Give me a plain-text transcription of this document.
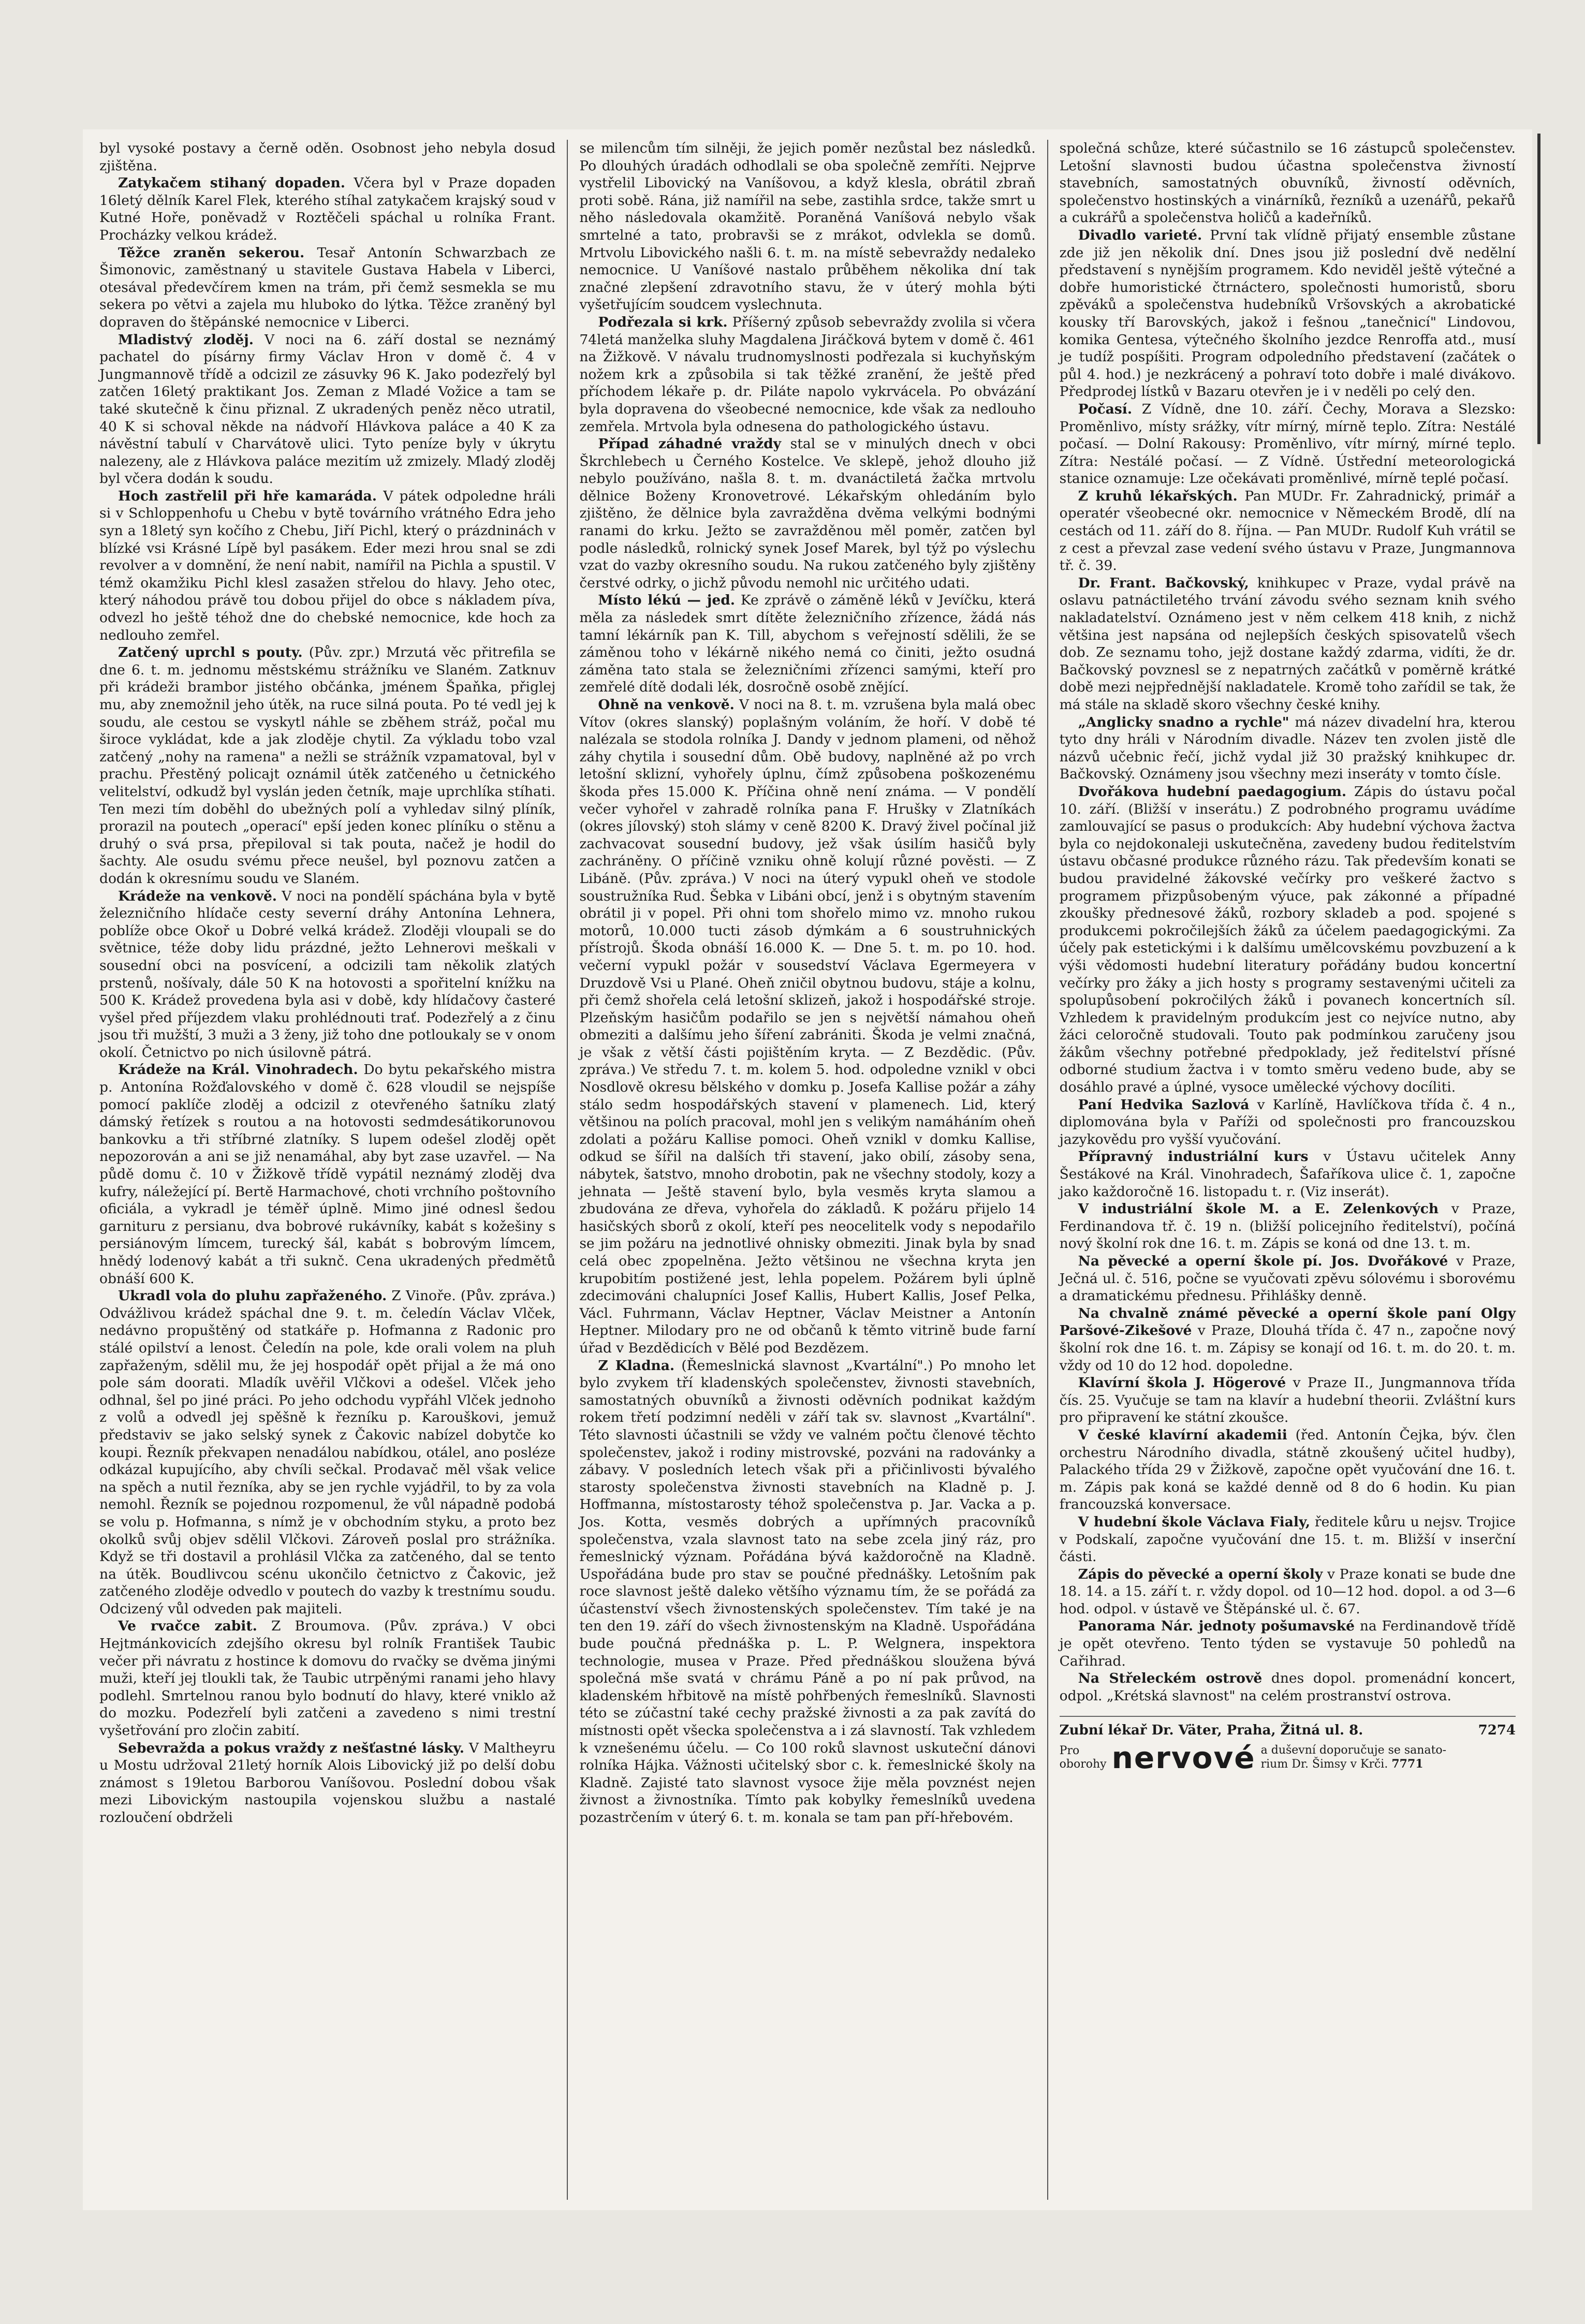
byl vysoké postavy a černě oděn. Osobnost jeho nebyla dosud zjištěna.

Zatykačem stihaný dopaden. Včera byl v Praze dopaden 16letý dělník Karel Flek, kterého stíhal zatykačem krajský soud v Kutné Hoře, poněvadž v Roztěčeli spáchal u rolníka Frant. Procházky velkou krádež.

Těžce zraněn sekerou. Tesař Antonín Schwarzbach ze Šimonovic, zaměstnaný u stavitele Gustava Habela v Liberci, otesával předevčírem kmen na trám, při čemž sesmekla se mu sekera po větvi a zajela mu hluboko do lýtka. Těžce zraněný byl dopraven do štěpánské nemocnice v Liberci.

Mladistvý zloděj. V noci na 6. září dostal se neznámý pachatel do písárny firmy Václav Hron v domě č. 4 v Jungmannově třídě a odcizil ze zásuvky 96 K. Jako podezřelý byl zatčen 16letý praktikant Jos. Zeman z Mladé Vožice a tam se také skutečně k činu přiznal. Z ukradených peněz něco utratil, 40 K si schoval někde na nádvoří Hlávkova paláce a 40 K za návěstní tabulí v Charvátově ulici. Tyto peníze byly v úkrytu nalezeny, ale z Hlávkova paláce mezitím už zmizely. Mladý zloděj byl včera dodán k soudu.

Hoch zastřelil při hře kamaráda. V pátek odpoledne hráli si v Schloppenhofu u Chebu v bytě továrního vrátného Edra jeho syn a 18letý syn kočího z Chebu, Jiří Pichl, který o prázdninách v blízké vsi Krásné Lípě byl pasákem. Eder mezi hrou snal se zdi revolver a v domnění, že není nabit, namířil na Pichla a spustil. V témž okamžiku Pichl klesl zasažen střelou do hlavy. Jeho otec, který náhodou právě tou dobou přijel do obce s nákladem píva, odvezl ho ještě téhož dne do chebské nemocnice, kde hoch za nedlouho zemřel.

Zatčený uprchl s pouty. (Pův. zpr.) Mrzutá věc přitrefila se dne 6. t. m. jednomu městskému strážníku ve Slaném. Zatknuv při krádeži brambor jistého občánka, jménem Špaňka, přiglej mu, aby znemožnil jeho útěk, na ruce silná pouta. Po té vedl jej k soudu, ale cestou se vyskytl náhle se zběhem stráž, počal mu široce vykládat, kde a jak zloděje chytil. Za výkladu tobo vzal zatčený „nohy na ramena" a nežli se strážník vzpamatoval, byl v prachu. Přestěný policajt oznámil útěk zatčeného u četnického velitelství, odkudž byl vyslán jeden četník, maje uprchlíka stíhati. Ten mezi tím doběhl do ubežných polí a vyhledav silný plíník, prorazil na poutech „operací" epší jeden konec plíníku o stěnu a druhý o svá prsa, přepiloval si tak pouta, načež je hodil do šachty. Ale osudu svému přece neušel, byl poznovu zatčen a dodán k okresnímu soudu ve Slaném.

Krádeže na venkově. V noci na pondělí spáchána byla v bytě železničního hlídače cesty severní dráhy Antonína Lehnera, poblíže obce Okoř u Dobré velká krádež. Zloději vloupali se do světnice, téže doby lidu prázdné, ježto Lehnerovi meškali v sousední obci na posvícení, a odcizili tam několik zlatých prstenů, nošívaly, dále 50 K na hotovosti a spořitelní knížku na 500 K. Krádež provedena byla asi v době, kdy hlídačovy časteré vyšel před příjezdem vlaku prohlédnouti trať. Podezřelý a z činu jsou tři mužští, 3 muži a 3 ženy, již toho dne potloukaly se v onom okolí. Četnictvo po nich úsilovně pátrá.

Krádeže na Král. Vinohradech. Do bytu pekařského mistra p. Antonína Rožďalovského v domě č. 628 vloudil se nejspíše pomocí paklíče zloděj a odcizil z otevřeného šatníku zlatý dámský řetízek s routou a na hotovosti sedmdesátikorunovou bankovku a tři stříbrné zlatníky. S lupem odešel zloděj opět nepozorován a ani se již nenamáhal, aby byt zase uzavřel. — Na půdě domu č. 10 v Žižkově třídě vypátil neznámý zloděj dva kufry, náležející pí. Bertě Harmachové, choti vrchního poštovního oficiála, a vykradl je téměř úplně. Mimo jiné odnesl šedou garnituru z persianu, dva bobrové rukávníky, kabát s kožešiny s persiánovým límcem, turecký šál, kabát s bobrovým límcem, hnědý lodenový kabát a tři suknč. Cena ukradených předmětů obnáší 600 K.

Ukradl vola do pluhu zapřaženého. Z Vinoře. (Pův. zpráva.) Odvážlivou krádež spáchal dne 9. t. m. čeledín Václav Vlček, nedávno propuštěný od statkáře p. Hofmanna z Radonic pro stálé opilství a lenost. Čeledín na pole, kde orali volem na pluh zapřaženým, sdělil mu, že jej hospodář opět přijal a že má ono pole sám doorati. Mladík uvěřil Vlčkovi a odešel. Vlček jeho odhnal, šel po jiné práci. Po jeho odchodu vypřáhl Vlček jednoho z volů a odvedl jej spěšně k řezníku p. Karouškovi, jemuž představiv se jako selský synek z Čakovic nabízel dobytče ko koupi. Řezník překvapen nenadálou nabídkou, otálel, ano posléze odkázal kupujícího, aby chvíli sečkal. Prodavač měl však velice na spěch a nutil řezníka, aby se jen rychle vyjádřil, to by za vola nemohl. Řezník se pojednou rozpomenul, že vůl nápadně podobá se volu p. Hofmanna, s nímž je v obchodním styku, a proto bez okolků svůj objev sdělil Vlčkovi. Zároveň poslal pro strážníka. Když se tři dostavil a prohlásil Vlčka za zatčeného, dal se tento na útěk. Boudlivcou scénu ukončilo četnictvo z Čakovic, jež zatčeného zloděje odvedlo v poutech do vazby k trestnímu soudu. Odcizený vůl odveden pak majiteli.

Ve rvačce zabit. Z Broumova. (Pův. zpráva.) V obci Hejtmánkovicích zdejšího okresu byl rolník František Taubic večer při návratu z hostince k domovu do rvačky se dvěma jinými muži, kteří jej tloukli tak, že Taubic utrpěnými ranami jeho hlavy podlehl. Smrtelnou ranou bylo bodnutí do hlavy, které vniklo až do mozku. Podezřelí byli zatčeni a zavedeno s nimi trestní vyšetřování pro zločin zabití.

Sebevražda a pokus vraždy z nešťastné lásky. V Maltheyru u Mostu udržoval 21letý horník Alois Libovický již po delší dobu známost s 19letou Barborou Vaníšovou. Poslední dobou však mezi Libovickým nastoupila vojenskou službu a nastalé rozloučení obdrželi

se milencům tím silněji, že jejich poměr nezůstal bez následků. Po dlouhých úradách odhodlali se oba společně zemříti. Nejprve vystřelil Libovický na Vaníšovou, a když klesla, obrátil zbraň proti sobě. Rána, již namířil na sebe, zastihla srdce, takže smrt u něho následovala okamžitě. Poraněná Vaníšová nebylo však smrtelné a tato, probravši se z mrákot, odvlekla se domů. Mrtvolu Libovického našli 6. t. m. na místě sebevraždy nedaleko nemocnice. U Vaníšové nastalo průběhem několika dní tak značné zlepšení zdravotního stavu, že v úterý mohla býti vyšetřujícím soudcem vyslechnuta.

Podřezala si krk. Příšerný způsob sebevraždy zvolila si včera 74letá manželka sluhy Magdalena Jiráčková bytem v domě č. 461 na Žižkově. V návalu trudnomyslnosti podřezala si kuchyňským nožem krk a způsobila si tak těžké zranění, že ještě před příchodem lékaře p. dr. Piláte napolo vykrvácela. Po obvázání byla dopravena do všeobecné nemocnice, kde však za nedlouho zemřela. Mrtvola byla odnesena do pathologického ústavu.

Případ záhadné vraždy stal se v minulých dnech v obci Škrchlebech u Černého Kostelce. Ve sklepě, jehož dlouho již nebylo používáno, našla 8. t. m. dvanáctiletá žačka mrtvolu dělnice Boženy Kronovetrové. Lékařským ohledáním bylo zjištěno, že dělnice byla zavražděna dvěma velkými bodnými ranami do krku. Ježto se zavražděnou měl poměr, zatčen byl podle následků, rolnický synek Josef Marek, byl týž po výslechu vzat do vazby okresního soudu. Na rukou zatčeného byly zjištěny čerstvé odrky, o jichž původu nemohl nic určitého udati.

Místo lékú — jed. Ke zprávě o záměně léků v Jevíčku, která měla za následek smrt dítěte železničního zřízence, žádá nás tamní lékárník pan K. Till, abychom s veřejností sdělili, že se záměnou toho v lékárně nikého nemá co činiti, ježto osudná záměna tato stala se železničními zřízenci samými, kteří pro zemřelé dítě dodali lék, dosročně osobě znějící.

Ohně na venkově. V noci na 8. t. m. vzrušena byla malá obec Vítov (okres slanský) poplašným voláním, že hoří. V době té nalézala se stodola rolníka J. Dandy v jednom plameni, od něhož záhy chytila i sousední dům. Obě budovy, naplněné až po vrch letošní sklizní, vyhořely úplnu, čímž způsobena poškozenému škoda přes 15.000 K. Příčina ohně není známa. — V pondělí večer vyhořel v zahradě rolníka pana F. Hrušky v Zlatníkách (okres jílovský) stoh slámy v ceně 8200 K. Dravý živel počínal již zachvacovat sousední budovy, jež však úsilím hasičů byly zachráněny. O příčině vzniku ohně kolují různé pověsti. — Z Libáně. (Pův. zpráva.) V noci na úterý vypukl oheň ve stodole soustružníka Rud. Šebka v Libáni obcí, jenž i s obytným stavením obrátil ji v popel. Při ohni tom shořelo mimo vz. mnoho rukou motorů, 10.000 tucti zásob dýmkám a 6 soustruhnických přístrojů. Škoda obnáší 16.000 K. — Dne 5. t. m. po 10. hod. večerní vypukl požár v sousedství Václava Egermeyera v Druzdově Vsi u Plané. Oheň zničil obytnou budovu, stáje a kolnu, při čemž shořela celá letošní sklizeň, jakož i hospodářské stroje. Plzeňským hasičům podařilo se jen s největší námahou oheň obmeziti a dalšímu jeho šíření zabrániti. Škoda je velmi značná, je však z větší části pojištěním kryta. — Z Bezdědic. (Pův. zpráva.) Ve středu 7. t. m. kolem 5. hod. odpoledne vznikl v obci Nosdlově okresu bělského v domku p. Josefa Kallise požár a záhy stálo sedm hospodářských stavení v plamenech. Lid, který většinou na polích pracoval, mohl jen s velikým namáháním oheň zdolati a požáru Kallise pomoci. Oheň vznikl v domku Kallise, odkud se šířil na dalších tři stavení, jako obilí, zásoby sena, nábytek, šatstvo, mnoho drobotin, pak ne všechny stodoly, kozy a jehnata — Ještě stavení bylo, byla vesměs kryta slamou a zbudována ze dřeva, vyhořela do základů. K požáru přijelo 14 hasičských sborů z okolí, kteří pes neocelitelk vody s nepodařilo se jim požáru na jednotlivé ohnisky obmeziti. Jinak byla by snad celá obec zpopelněna. Ježto většinou ne všechna kryta jen krupobitím postižené jest, lehla popelem. Požárem byli úplně zdecimováni chalupníci Josef Kallis, Hubert Kallis, Josef Pelka, Václ. Fuhrmann, Václav Heptner, Václav Meistner a Antonín Heptner. Milodary pro ne od občanů k těmto vitrině bude farní úřad v Bezdědicích v Bělé pod Bezdězem.

Z Kladna. (Řemeslnická slavnost „Kvartální".) Po mnoho let bylo zvykem tří kladenských společenstev, živnosti stavebních, samostatných obuvníků a živnosti oděvních podnikat každým rokem třetí podzimní neděli v září tak sv. slavnost „Kvartální". Této slavnosti účastnili se vždy ve valném počtu členové těchto společenstev, jakož i rodiny mistrovské, pozváni na radovánky a zábavy. V posledních letech však při a přičinlivosti bývalého starosty společenstva živnosti stavebních na Kladně p. J. Hoffmanna, místostarosty téhož společenstva p. Jar. Vacka a p. Jos. Kotta, vesměs dobrých a upřímných pracovníků společenstva, vzala slavnost tato na sebe zcela jiný ráz, pro řemeslnický význam. Pořádána bývá každoročně na Kladně. Uspořádána bude pro stav se poučné přednášky. Letošním pak roce slavnost ještě daleko většího významu tím, že se pořádá za účastenství všech živnostenských společenstev. Tím také je na ten den 19. září do všech živnostenským na Kladně. Uspořádána bude poučná přednáška p. L. P. Welgnera, inspektora technologie, musea v Praze. Před přednáškou sloužena bývá společná mše svatá v chrámu Páně a po ní pak průvod, na kladenském hřbitově na místě pohřbených řemeslníků. Slavnosti této se zúčastní také cechy pražské živnosti a za pak zavítá do místnosti opět všecka společenstva a i zá slavností. Tak vzhledem k vznešenému účelu. — Co 100 roků slavnost uskuteční dánovi rolníka Hájka. Vážnosti učitelský sbor c. k. řemeslnické školy na Kladně. Zajisté tato slavnost vysoce žije měla povznést nejen živnost a živnostníka. Tímto pak kobylky řemeslníků uvedena pozastrčením v úterý 6. t. m. konala se tam pan pří-hřebovém.

společná schůze, které súčastnilo se 16 zástupců společenstev. Letošní slavnosti budou účastna společenstva živností stavebních, samostatných obuvníků, živností oděvních, společenstvo hostinských a vinárníků, řezníků a uzenářů, pekařů a cukrářů a společenstva holičů a kadeřníků.

Divadlo varieté. První tak vlídně přijatý ensemble zůstane zde již jen několik dní. Dnes jsou již poslední dvě nedělní představení s nynějším programem. Kdo neviděl ještě výtečné a dobře humoristické čtrnáctero, společnosti humoristů, sboru zpěváků a společenstva hudebníků Vršovských a akrobatické kousky tří Barovských, jakož i fešnou „tanečnicí" Lindovou, komika Gentesa, výtečného školního jezdce Renroffa atd., musí je tudíž pospíšiti. Program odpoledního představení (začátek o půl 4. hod.) je nezkrácený a pohraví toto dobře i malé divákovo. Předprodej lístků v Bazaru otevřen je i v neděli po celý den.

Počasí. Z Vídně, dne 10. září. Čechy, Morava a Slezsko: Proměnlivo, místy srážky, vítr mírný, mírně teplo. Zítra: Nestálé počasí. — Dolní Rakousy: Proměnlivo, vítr mírný, mírné teplo. Zítra: Nestálé počasí. — Z Vídně. Ústřední meteorologická stanice oznamuje: Lze očekávati proměnlivé, mírně teplé počasí.

Z kruhů lékařských. Pan MUDr. Fr. Zahradnický, primář a operatér všeobecné okr. nemocnice v Německém Brodě, dlí na cestách od 11. září do 8. října. — Pan MUDr. Rudolf Kuh vrátil se z cest a převzal zase vedení svého ústavu v Praze, Jungmannova tř. č. 39.

Dr. Frant. Bačkovský, knihkupec v Praze, vydal právě na oslavu patnáctiletého trvání závodu svého seznam knih svého nakladatelství. Oznámeno jest v něm celkem 418 knih, z nichž většina jest napsána od nejlepších českých spisovatelů všech dob. Ze seznamu toho, jejž dostane každý zdarma, vidíti, že dr. Bačkovský povznesl se z nepatrných začátků v poměrně krátké době mezi nejpřednější nakladatele. Kromě toho zařídil se tak, že má stále na skladě skoro všechny české knihy.

„Anglicky snadno a rychle" má název divadelní hra, kterou tyto dny hráli v Národním divadle. Název ten zvolen jistě dle názvů učebnic řečí, jichž vydal již 30 pražský knihkupec dr. Bačkovský. Oznámeny jsou všechny mezi inseráty v tomto čísle.

Dvořákova hudební paedagogium. Zápis do ústavu počal 10. září. (Bližší v inserátu.) Z podrobného programu uvádíme zamlouvající se pasus o produkcích: Aby hudební výchova žactva byla co nejdokonaleji uskutečněna, zavedeny budou ředitelstvím ústavu občasné produkce různého rázu. Tak především konati se budou pravidelné žákovské večírky pro veškeré žactvo s programem přizpůsobeným výuce, pak zákonné a případné zkoušky přednesové žáků, rozbory skladeb a pod. spojené s produkcemi pokročilejších žáků za účelem paedagogickými. Za účely pak estetickými i k dalšímu umělcovskému povzbuzení a k výši vědomosti hudební literatury pořádány budou koncertní večírky pro žáky a jich hosty s programy sestavenými učiteli za spolupůsobení pokročilých žáků i povanech koncertních síl. Vzhledem k pravidelným produkcím jest co nejvíce nutno, aby žáci celoročně studovali. Touto pak podmínkou zaručeny jsou žákům všechny potřebné předpoklady, jež ředitelství přísné odborné studium žactva i v tomto směru vedeno bude, aby se dosáhlo pravé a úplné, vysoce umělecké výchovy docíliti.

Paní Hedvika Sazlová v Karlíně, Havlíčkova třída č. 4 n., diplomována byla v Paříži od společnosti pro francouzskou jazykovědu pro vyšší vyučování.

Přípravný industriální kurs v Ústavu učitelek Anny Šestákové na Král. Vinohradech, Šafaříkova ulice č. 1, započne jako každoročně 16. listopadu t. r. (Viz inserát).

V industriální škole M. a E. Zelenkových v Praze, Ferdinandova tř. č. 19 n. (bližší policejního ředitelství), počíná nový školní rok dne 16. t. m. Zápis se koná od dne 13. t. m.

Na pěvecké a operní škole pí. Jos. Dvořákové v Praze, Ječná ul. č. 516, počne se vyučovati zpěvu sólovému i sborovému a dramatickému přednesu. Přihlášky denně.

Na chvalně známé pěvecké a operní škole paní Olgy Paršové-Zikešové v Praze, Dlouhá třída č. 47 n., započne nový školní rok dne 16. t. m. Zápisy se konají od 16. t. m. do 20. t. m. vždy od 10 do 12 hod. dopoledne.

Klavírní škola J. Högerové v Praze II., Jungmannova třída čís. 25. Vyučuje se tam na klavír a hudební theorii. Zvláštní kurs pro připravení ke státní zkoušce.

V české klavírní akademii (řed. Antonín Čejka, býv. člen orchestru Národního divadla, státně zkoušený učitel hudby), Palackého třída 29 v Žižkově, započne opět vyučování dne 16. t. m. Zápis pak koná se každé denně od 8 do 6 hodin. Ku pian francouzská konversace.

V hudební škole Václava Fialy, ředitele kůru u nejsv. Trojice v Podskalí, započne vyučování dne 15. t. m. Bližší v inserční části.

Zápis do pěvecké a operní školy v Praze konati se bude dne 18. 14. a 15. září t. r. vždy dopol. od 10—12 hod. dopol. a od 3—6 hod. odpol. v ústavě ve Štěpánské ul. č. 67.

Panorama Nár. jednoty pošumavské na Ferdinandově třídě je opět otevřeno. Tento týden se vystavuje 50 pohledů na Cařihrad.

Na Střeleckém ostrově dnes dopol. promenádní koncert, odpol. „Krétská slavnost" na celém prostranství ostrova.

Zubní lékař Dr. Väter, Praha, Žitná ul. 8.	7274
Pro
oborohy nervové a duševní doporučuje se sanato-
rium Dr. Šimsy v Krči. 7771
